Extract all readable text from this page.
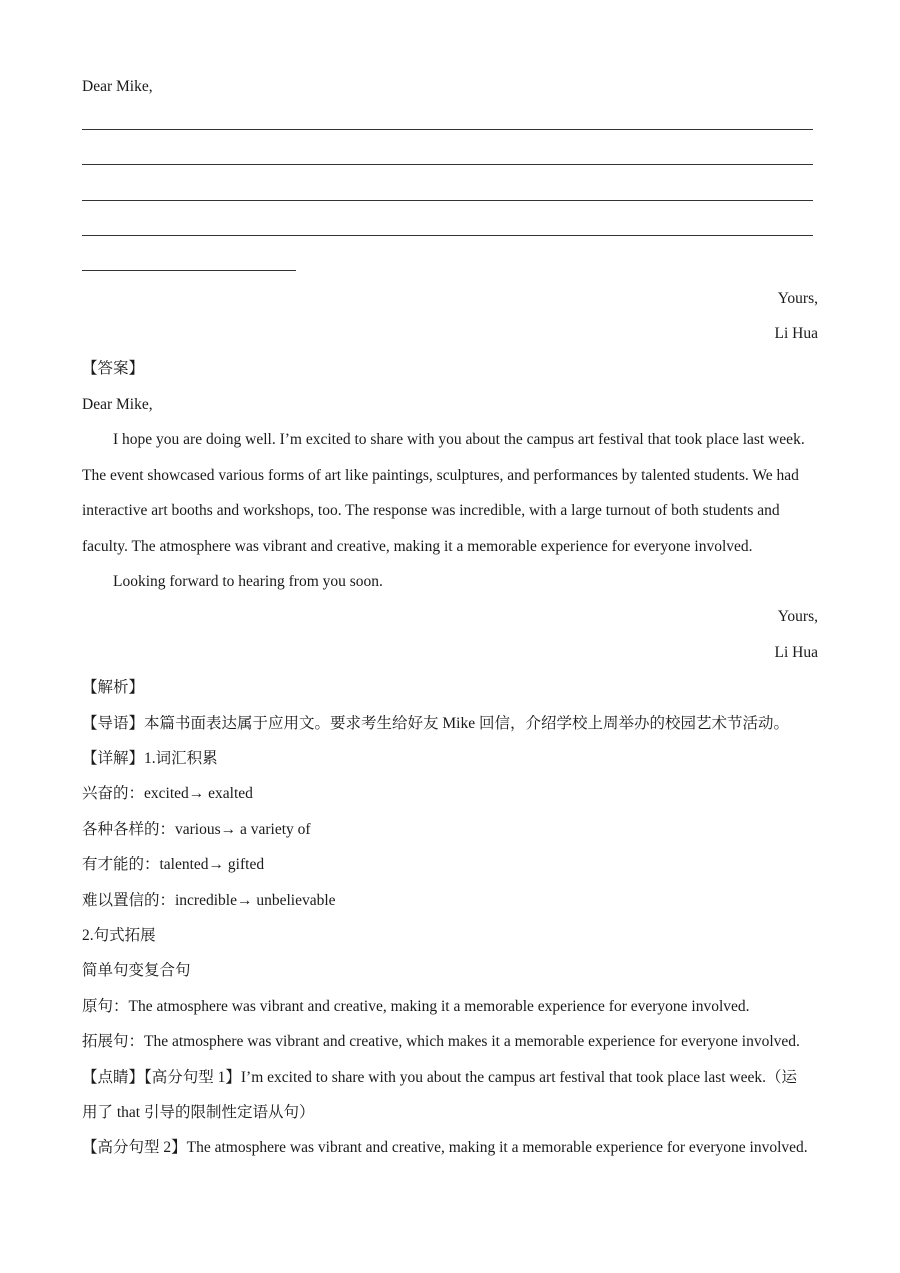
Dear Mike,
Yours,
Li Hua
【答案】
Dear Mike,
I hope you are doing well. I’m excited to share with you about the campus art festival that took place last week.
The event showcased various forms of art like paintings, sculptures, and performances by talented students. We had
interactive art booths and workshops, too. The response was incredible, with a large turnout of both students and
faculty. The atmosphere was vibrant and creative, making it a memorable experience for everyone involved.
Looking forward to hearing from you soon.
Yours,
Li Hua
【解析】
【导语】本篇书面表达属于应用文。要求考生给好友 Mike 回信，介绍学校上周举办的校园艺术节活动。
【详解】1.词汇积累
兴奋的：excited→ exalted
各种各样的：various→ a variety of
有才能的：talented→ gifted
难以置信的：incredible→ unbelievable
2.句式拓展
简单句变复合句
原句：The atmosphere was vibrant and creative, making it a memorable experience for everyone involved.
拓展句：The atmosphere was vibrant and creative, which makes it a memorable experience for everyone involved.
【点睛】【高分句型 1】I’m excited to share with you about the campus art festival that took place last week.（运
用了 that 引导的限制性定语从句）
【高分句型 2】The atmosphere was vibrant and creative, making it a memorable experience for everyone involved.
